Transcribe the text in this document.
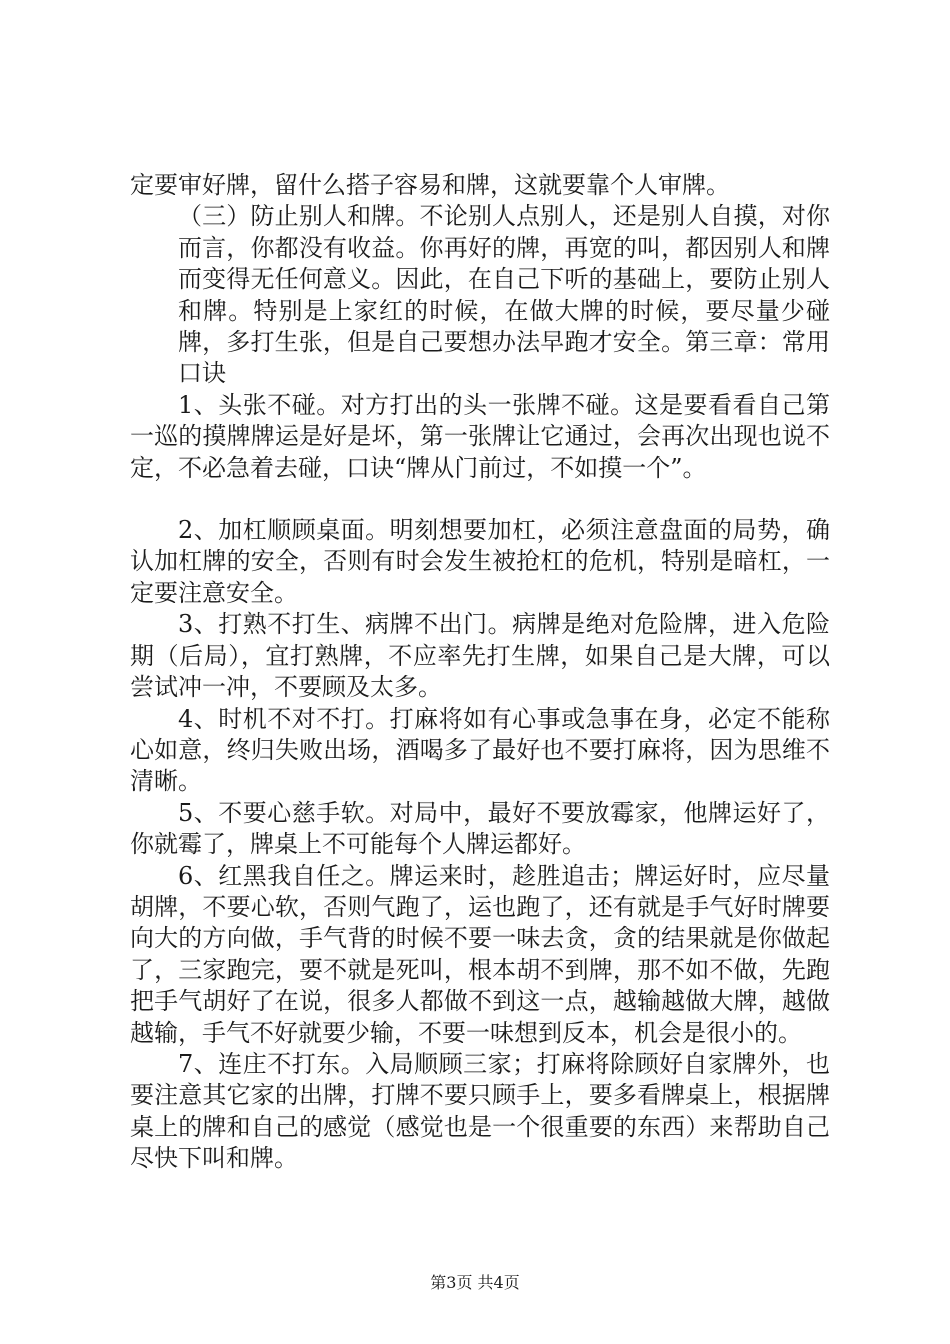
定要审好牌，留什么搭子容易和牌，这就要靠个人审牌。

（三）防止别人和牌。不论别人点别人，还是别人自摸，对你而言，你都没有收益。你再好的牌，再宽的叫，都因别人和牌而变得无任何意义。因此，在自己下听的基础上，要防止别人和牌。特别是上家红的时候，在做大牌的时候，要尽量少碰牌，多打生张，但是自己要想办法早跑才安全。第三章：常用口诀

1、头张不碰。对方打出的头一张牌不碰。这是要看看自己第一巡的摸牌牌运是好是坏，第一张牌让它通过，会再次出现也说不定，不必急着去碰，口诀“牌从门前过，不如摸一个”。

2、加杠顺顾桌面。明刻想要加杠，必须注意盘面的局势，确认加杠牌的安全，否则有时会发生被抢杠的危机，特别是暗杠，一定要注意安全。

3、打熟不打生、病牌不出门。病牌是绝对危险牌，进入危险期（后局），宜打熟牌，不应率先打生牌，如果自己是大牌，可以尝试冲一冲，不要顾及太多。

4、时机不对不打。打麻将如有心事或急事在身，必定不能称心如意，终归失败出场，酒喝多了最好也不要打麻将，因为思维不清晰。

5、不要心慈手软。对局中，最好不要放霉家，他牌运好了，你就霉了，牌桌上不可能每个人牌运都好。

6、红黑我自任之。牌运来时，趁胜追击；牌运好时，应尽量胡牌，不要心软，否则气跑了，运也跑了，还有就是手气好时牌要向大的方向做，手气背的时候不要一味去贪，贪的结果就是你做起了，三家跑完，要不就是死叫，根本胡不到牌，那不如不做，先跑把手气胡好了在说，很多人都做不到这一点，越输越做大牌，越做越输，手气不好就要少输，不要一味想到反本，机会是很小的。

7、连庄不打东。入局顺顾三家；打麻将除顾好自家牌外，也要注意其它家的出牌，打牌不要只顾手上，要多看牌桌上，根据牌桌上的牌和自己的感觉（感觉也是一个很重要的东西）来帮助自己尽快下叫和牌。

第3页 共4页
